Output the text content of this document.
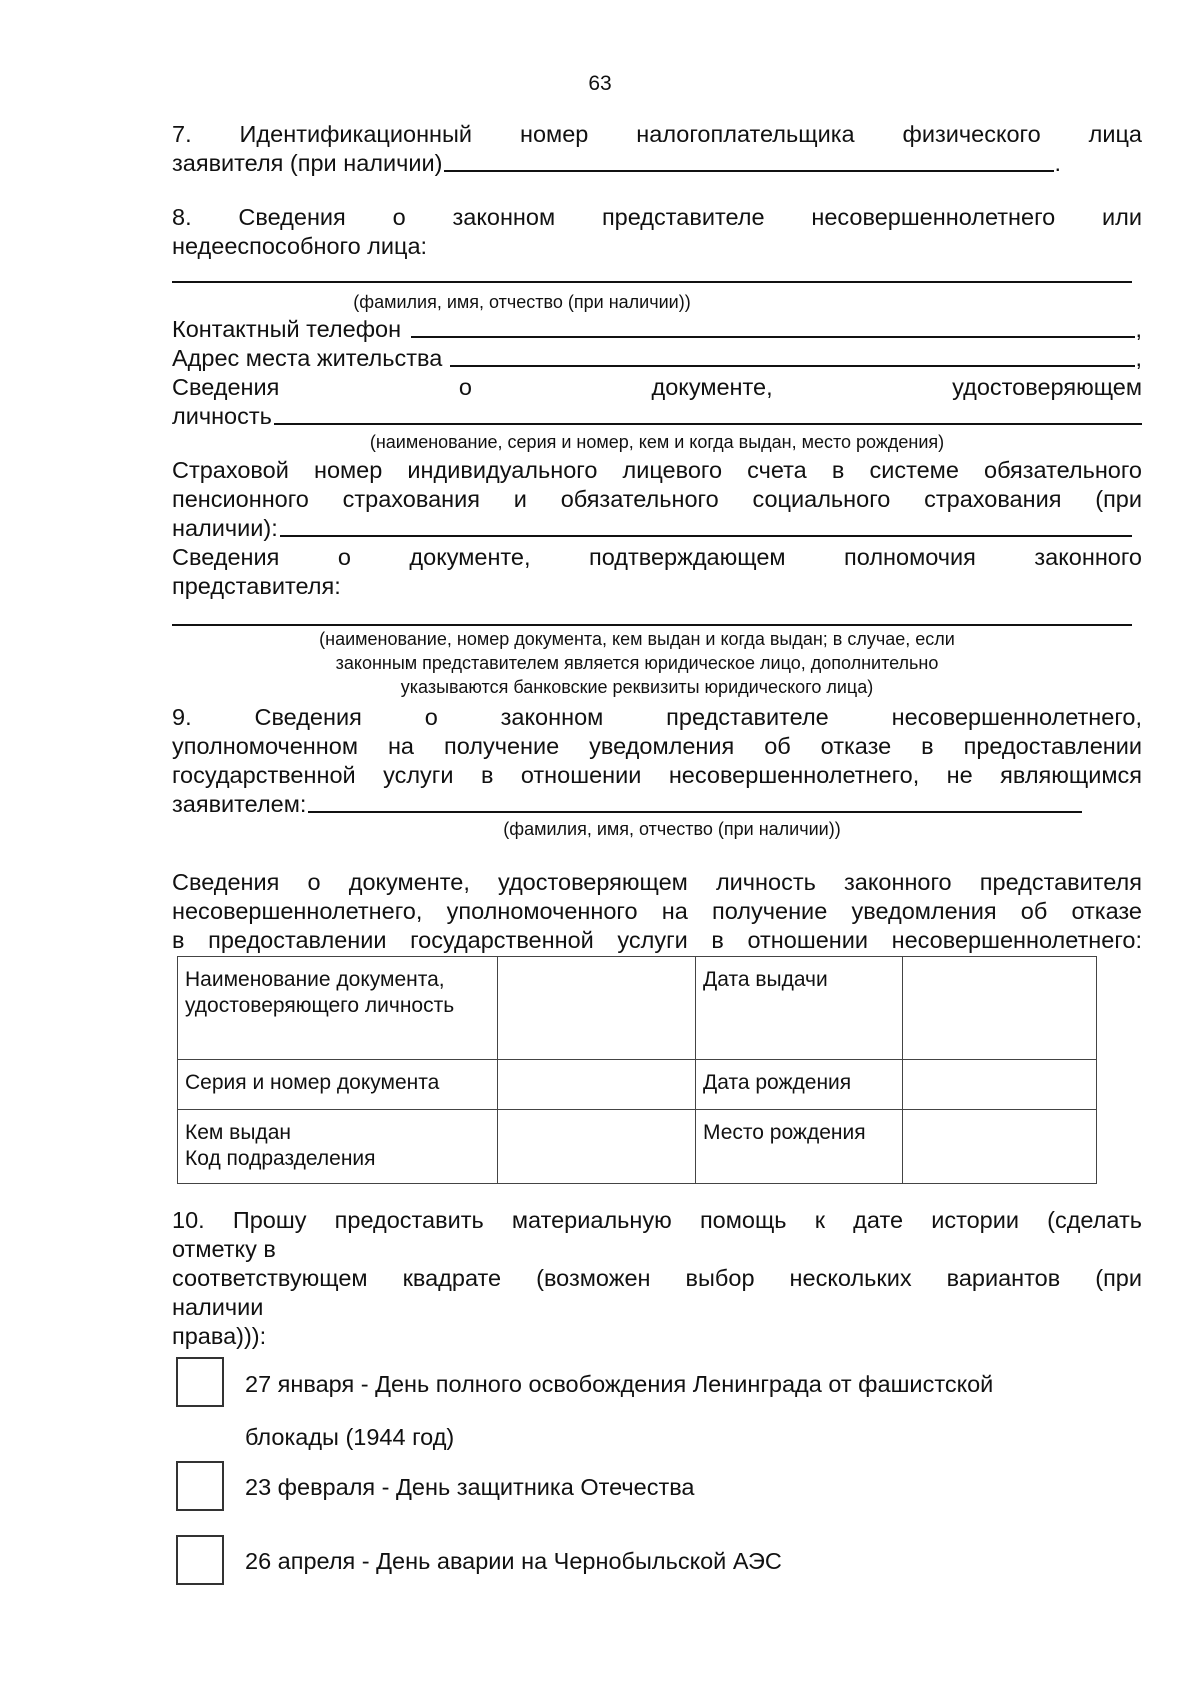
63
7. Идентификационный номер налогоплательщика физического лица
заявителя (при наличии)	.
8. Сведения о законном представителе несовершеннолетнего или
недееспособного лица:
(фамилия, имя, отчество (при наличии))
Контактный телефон	,
Адрес места жительства	,
Сведения о документе, удостоверяющем
личность
(наименование, серия и номер, кем и когда выдан, место рождения)
Страховой номер индивидуального лицевого счета в системе обязательного
пенсионного страхования и обязательного социального страхования (при
наличии):
Сведения о документе, подтверждающем полномочия законного
представителя:
(наименование, номер документа, кем выдан и когда выдан; в случае, если
законным представителем является юридическое лицо, дополнительно
указываются банковские реквизиты юридического лица)
9. Сведения о законном представителе несовершеннолетнего,
уполномоченном на получение уведомления об отказе в предоставлении
государственной услуги в отношении несовершеннолетнего, не являющимся
заявителем:
(фамилия, имя, отчество (при наличии))
Сведения о документе, удостоверяющем личность законного представителя
несовершеннолетнего, уполномоченного на получение уведомления об отказе
в предоставлении государственной услуги в отношении несовершеннолетнего:
Наименование документа, удостоверяющего личность		Дата выдачи	
Серия и номер документа		Дата рождения	

Кем выдан
Код подразделения		Место рождения	
10. Прошу предоставить материальную помощь к дате истории (сделать
отметку в
соответствующем квадрате (возможен выбор нескольких вариантов (при
наличии
права))):
27 января - День полного освобождения Ленинграда от фашистской
блокады (1944 год)
23 февраля - День защитника Отечества
26 апреля - День аварии на Чернобыльской АЭС
